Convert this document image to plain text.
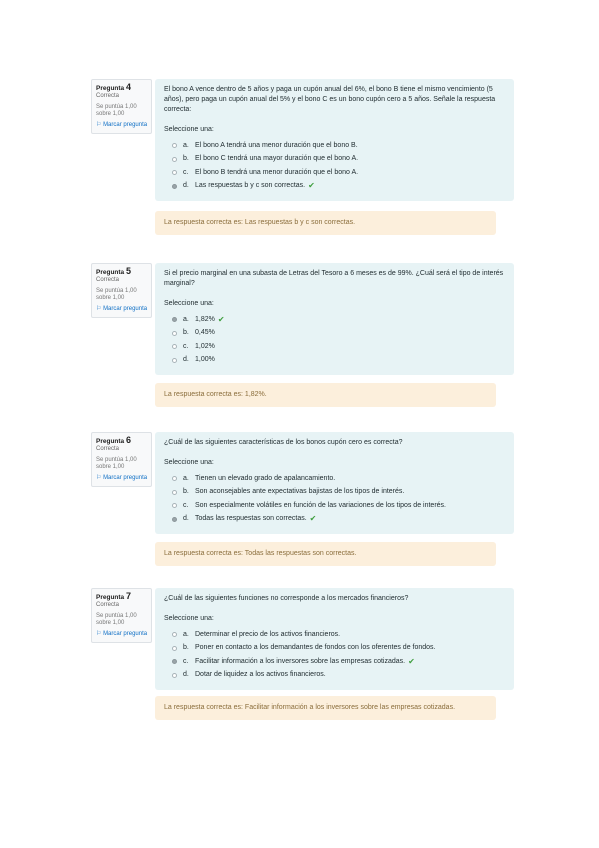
Pregunta 4
Correcta
Se puntúa 1,00 sobre 1,00
⚐ Marcar pregunta
El bono A vence dentro de 5 años y paga un cupón anual del 6%, el bono B tiene el mismo vencimiento (5 años), pero paga un cupón anual del 5% y el bono C es un bono cupón cero a 5 años. Señale la respuesta correcta:
Seleccione una:
a. El bono A tendrá una menor duración que el bono B.
b. El bono C tendrá una mayor duración que el bono A.
c. El bono B tendrá una menor duración que el bono A.
d. Las respuestas b y c son correctas. ✔
La respuesta correcta es: Las respuestas b y c son correctas.
Pregunta 5
Correcta
Se puntúa 1,00 sobre 1,00
⚐ Marcar pregunta
Si el precio marginal en una subasta de Letras del Tesoro a 6 meses es de 99%. ¿Cuál será el tipo de interés marginal?
Seleccione una:
a. 1,82% ✔
b. 0,45%
c. 1,02%
d. 1,00%
La respuesta correcta es: 1,82%.
Pregunta 6
Correcta
Se puntúa 1,00 sobre 1,00
⚐ Marcar pregunta
¿Cuál de las siguientes características de los bonos cupón cero es correcta?
Seleccione una:
a. Tienen un elevado grado de apalancamiento.
b. Son aconsejables ante expectativas bajistas de los tipos de interés.
c. Son especialmente volátiles en función de las variaciones de los tipos de interés.
d. Todas las respuestas son correctas. ✔
La respuesta correcta es: Todas las respuestas son correctas.
Pregunta 7
Correcta
Se puntúa 1,00 sobre 1,00
⚐ Marcar pregunta
¿Cuál de las siguientes funciones no corresponde a los mercados financieros?
Seleccione una:
a. Determinar el precio de los activos financieros.
b. Poner en contacto a los demandantes de fondos con los oferentes de fondos.
c. Facilitar información a los inversores sobre las empresas cotizadas. ✔
d. Dotar de liquidez a los activos financieros.
La respuesta correcta es: Facilitar información a los inversores sobre las empresas cotizadas.
